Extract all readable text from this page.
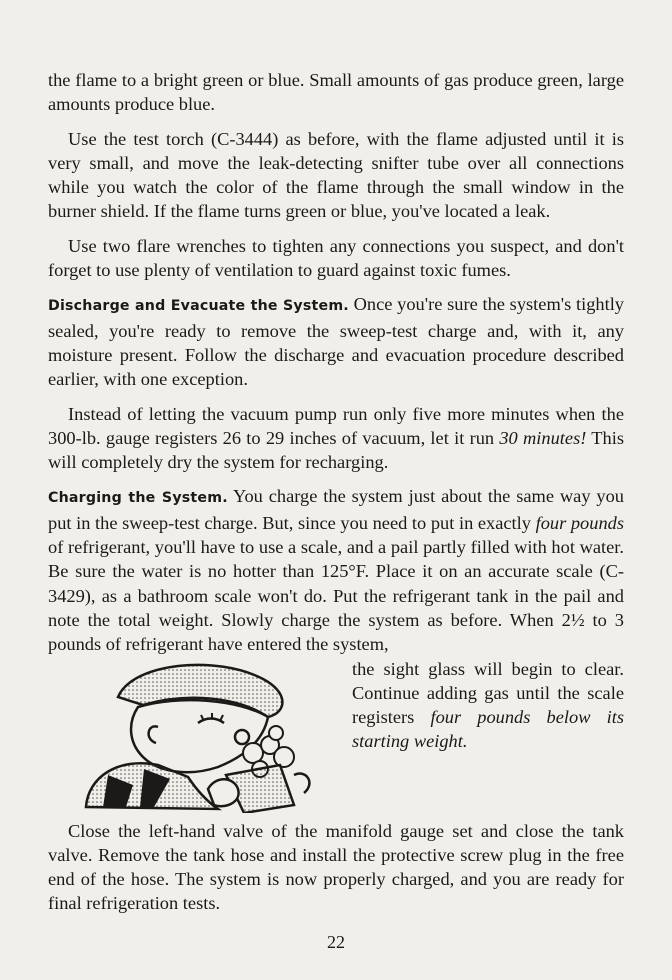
the flame to a bright green or blue. Small amounts of gas produce green, large amounts produce blue.

Use the test torch (C-3444) as before, with the flame adjusted until it is very small, and move the leak-detecting snifter tube over all connections while you watch the color of the flame through the small window in the burner shield. If the flame turns green or blue, you've located a leak.

Use two flare wrenches to tighten any connections you suspect, and don't forget to use plenty of ventilation to guard against toxic fumes.

Discharge and Evacuate the System. Once you're sure the system's tightly sealed, you're ready to remove the sweep-test charge and, with it, any moisture present. Follow the discharge and evacuation procedure described earlier, with one exception.

Instead of letting the vacuum pump run only five more minutes when the 300-lb. gauge registers 26 to 29 inches of vacuum, let it run 30 minutes! This will completely dry the system for recharging.

Charging the System. You charge the system just about the same way you put in the sweep-test charge. But, since you need to put in exactly four pounds of refrigerant, you'll have to use a scale, and a pail partly filled with hot water. Be sure the water is no hotter than 125°F. Place it on an accurate scale (C-3429), as a bathroom scale won't do. Put the refrigerant tank in the pail and note the total weight. Slowly charge the system as before. When 2½ to 3 pounds of refrigerant have entered the system,

the sight glass will begin to clear. Continue adding gas until the scale registers four pounds below its starting weight.

Close the left-hand valve of the manifold gauge set and close the tank valve. Remove the tank hose and install the protective screw plug in the free end of the hose. The system is now properly charged, and you are ready for final refrigeration tests.

22
